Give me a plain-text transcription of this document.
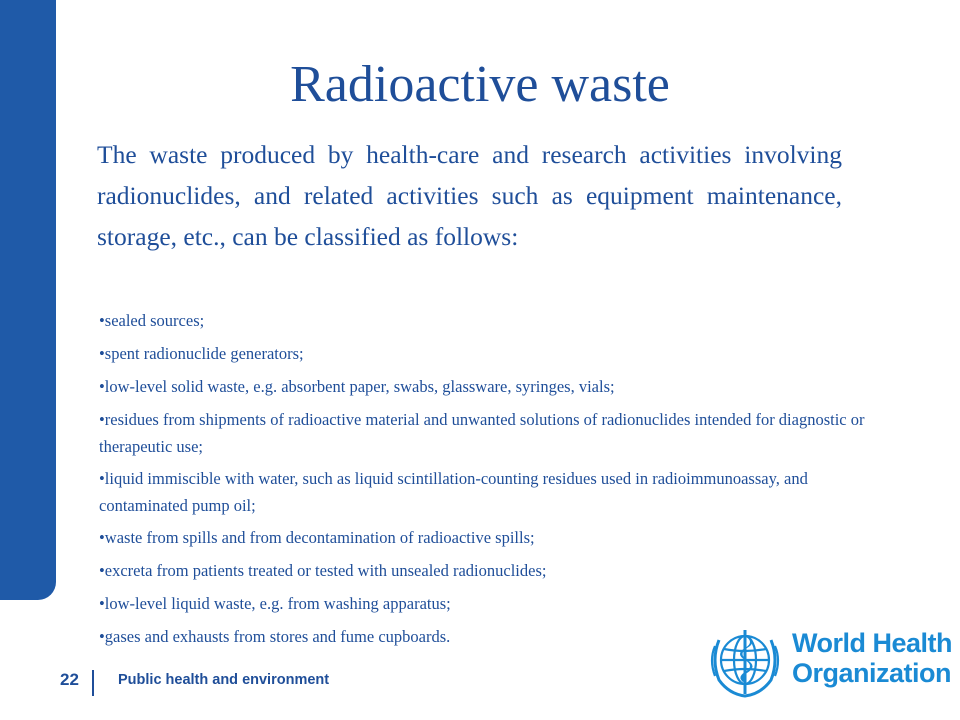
Radioactive waste
The waste produced by health-care and research activities involving radionuclides, and related activities such as equipment maintenance, storage, etc., can be classified as follows:
• sealed sources;
• spent radionuclide generators;
• low-level solid waste, e.g. absorbent paper, swabs, glassware, syringes, vials;
• residues from shipments of radioactive material and unwanted solutions of radionuclides intended for diagnostic or therapeutic use;
• liquid immiscible with water, such as liquid scintillation-counting residues used in radioimmunoassay, and contaminated pump oil;
• waste from spills and from decontamination of radioactive spills;
• excreta from patients treated or tested with unsealed radionuclides;
• low-level liquid waste, e.g. from washing apparatus;
• gases and exhausts from stores and fume cupboards.
22	Public health and environment
World Health
Organization
